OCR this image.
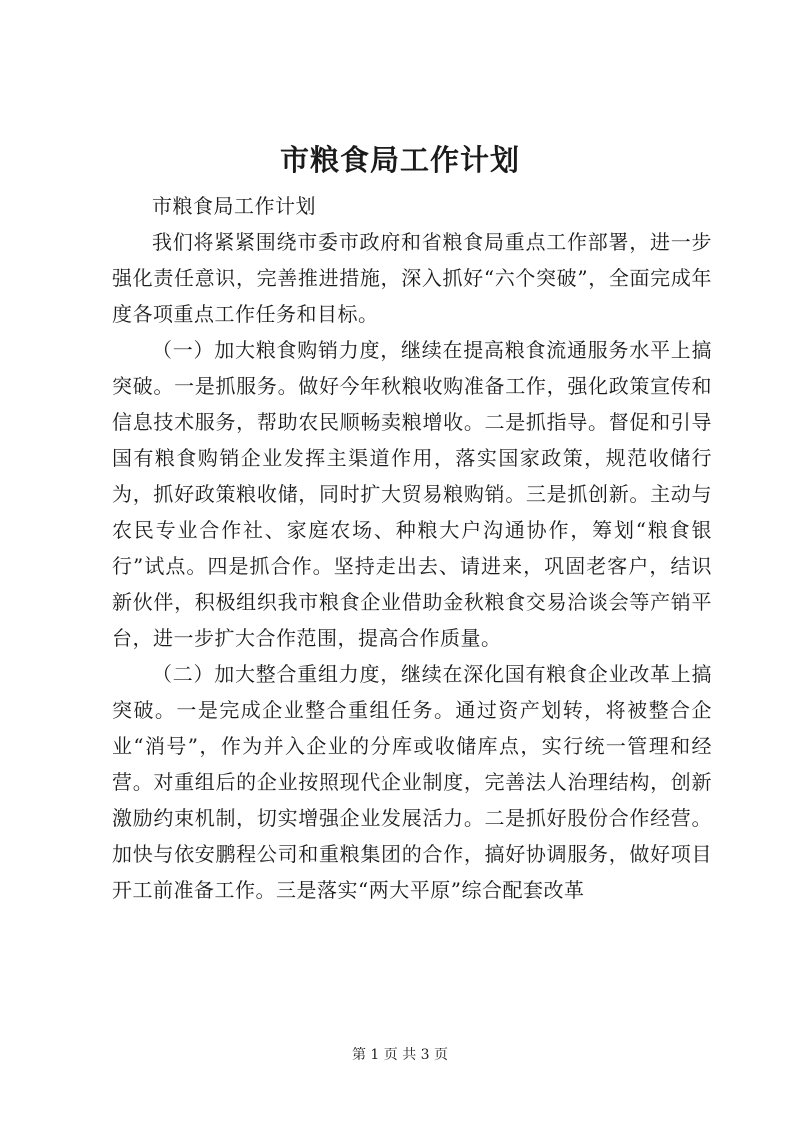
市粮食局工作计划

市粮食局工作计划

我们将紧紧围绕市委市政府和省粮食局重点工作部署，进一步强化责任意识，完善推进措施，深入抓好“六个突破”，全面完成年度各项重点工作任务和目标。

（一）加大粮食购销力度，继续在提高粮食流通服务水平上搞突破。一是抓服务。做好今年秋粮收购准备工作，强化政策宣传和信息技术服务，帮助农民顺畅卖粮增收。二是抓指导。督促和引导国有粮食购销企业发挥主渠道作用，落实国家政策，规范收储行为，抓好政策粮收储，同时扩大贸易粮购销。三是抓创新。主动与农民专业合作社、家庭农场、种粮大户沟通协作，筹划“粮食银行”试点。四是抓合作。坚持走出去、请进来，巩固老客户，结识新伙伴，积极组织我市粮食企业借助金秋粮食交易洽谈会等产销平台，进一步扩大合作范围，提高合作质量。

（二）加大整合重组力度，继续在深化国有粮食企业改革上搞突破。一是完成企业整合重组任务。通过资产划转，将被整合企业“消号”，作为并入企业的分库或收储库点，实行统一管理和经营。对重组后的企业按照现代企业制度，完善法人治理结构，创新激励约束机制，切实增强企业发展活力。二是抓好股份合作经营。加快与依安鹏程公司和重粮集团的合作，搞好协调服务，做好项目开工前准备工作。三是落实“两大平原”综合配套改革

第 1 页 共 3 页
